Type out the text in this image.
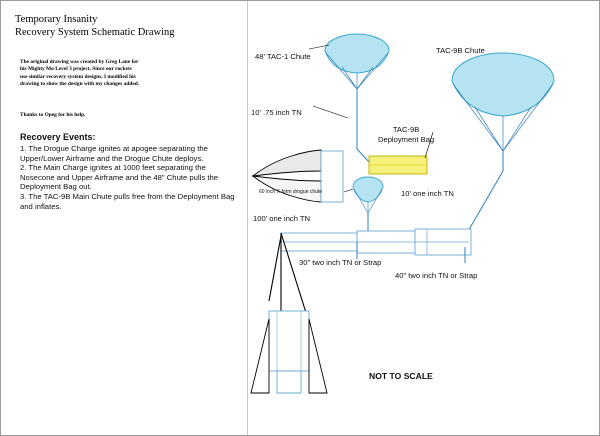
Temporary Insanity
Recovery System Schematic Drawing
The original drawing was created by Greg Lane for his Mighty Mo Level 3 project. Since our rockets use similar recovery system designs, I modified his drawing to show the design with my changes added.
Thanks to Opeg for his help.
Recovery Events:
1. The Drogue Charge ignites at apogee separating the Upper/Lower Airframe and the Drogue Chute deploys.
2. The Main Charge ignites at 1000 feet separating the Nosecone and Upper Airframe and the 48" Chute pulls the Deployment Bag out.
3. The TAC-9B Main Chute pulls free from the Deployment Bag and inflates.
48' TAC-1 Chute
TAC-9B Chute
10' .75 inch TN
TAC-9B
Deployment Bag
60 inch X-form drogue chute	10' one inch TN
100' one inch TN
30" two inch TN or Strap
40" two inch TN or Strap
NOT TO SCALE
